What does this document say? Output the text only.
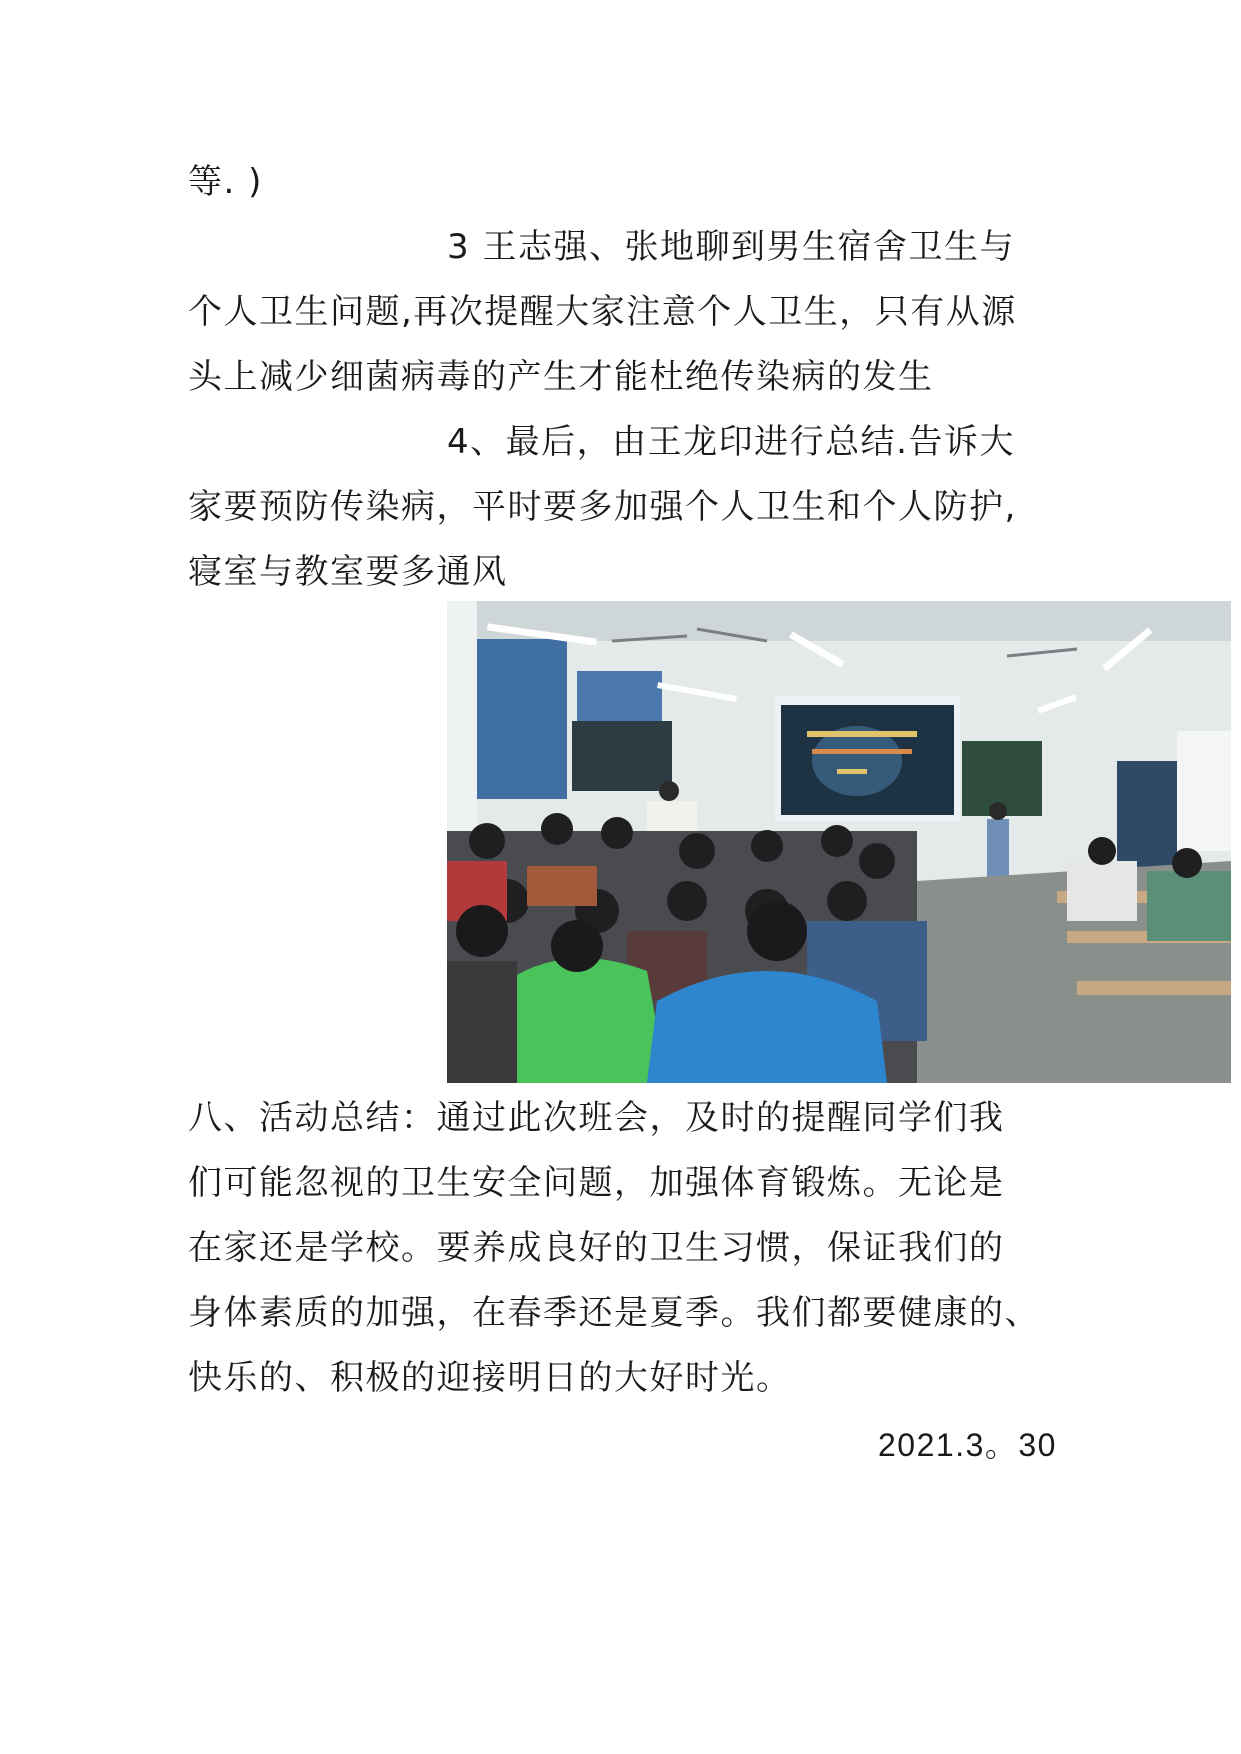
等. )
3 王志强、张地聊到男生宿舍卫生与
个人卫生问题,再次提醒大家注意个人卫生，只有从源
头上减少细菌病毒的产生才能杜绝传染病的发生
4、最后，由王龙印进行总结.告诉大
家要预防传染病，平时要多加强个人卫生和个人防护,
寝室与教室要多通风
八、活动总结：通过此次班会，及时的提醒同学们我
们可能忽视的卫生安全问题，加强体育锻炼。无论是
在家还是学校。要养成良好的卫生习惯，保证我们的
身体素质的加强，在春季还是夏季。我们都要健康的、
快乐的、积极的迎接明日的大好时光。
2021.3。30
